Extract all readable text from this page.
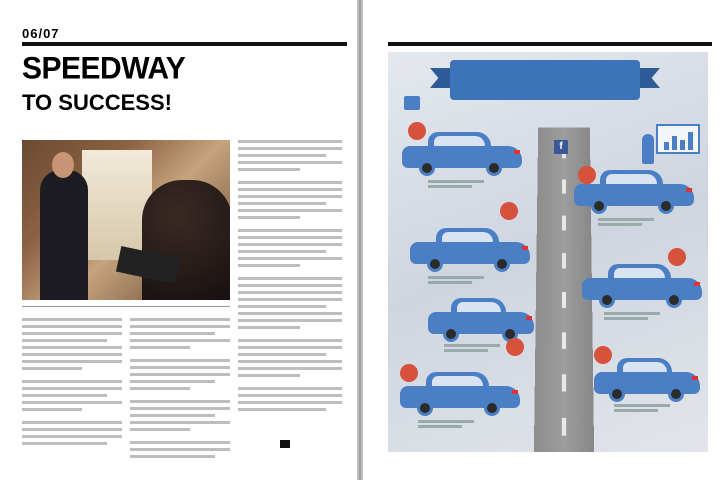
06/07
SPEEDWAY
TO SUCCESS!
f
